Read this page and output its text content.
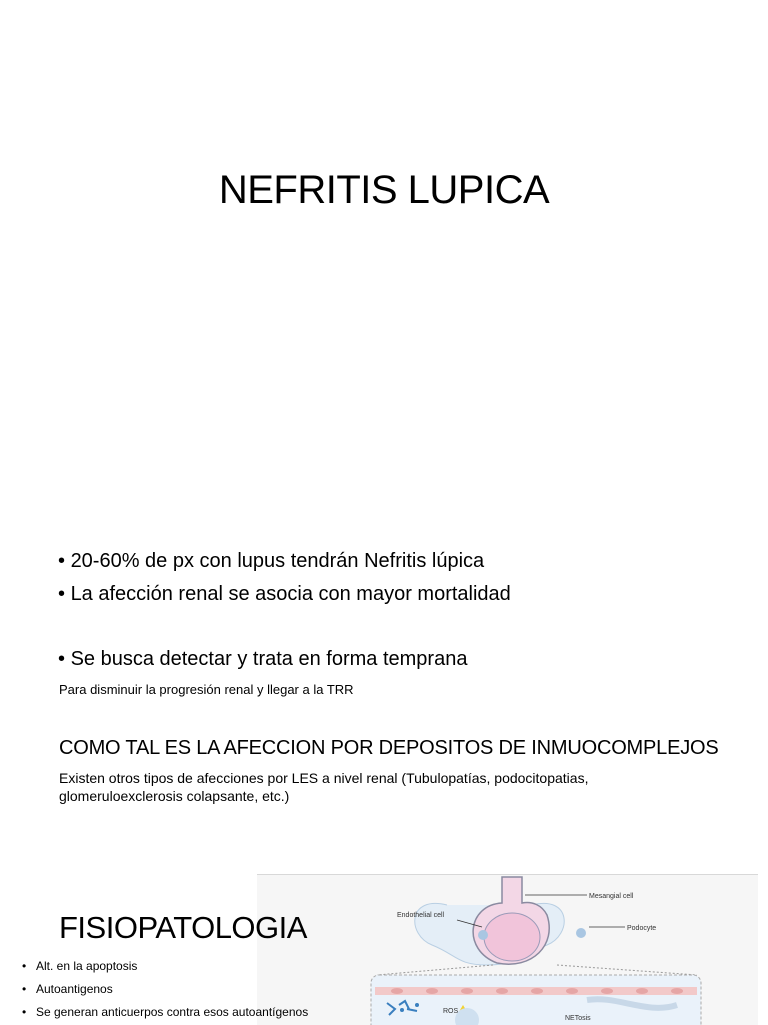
NEFRITIS LUPICA
• 20-60% de px con lupus tendrán Nefritis lúpica
• La afección renal se asocia con mayor mortalidad
• Se busca detectar y trata en forma temprana
Para disminuir la progresión renal y llegar a la TRR
COMO TAL ES LA AFECCION POR DEPOSITOS DE INMUOCOMPLEJOS
Existen otros tipos de afecciones por LES a nivel renal (Tubulopatías, podocitopatias, glomeruloexclerosis colapsante, etc.)
Mesangial cell
Endothelial cell
Podocyte
ROS
NETosis
FISIOPATOLOGIA
• Alt. en la apoptosis
• Autoantigenos
• Se generan anticuerpos contra esos autoantígenos
